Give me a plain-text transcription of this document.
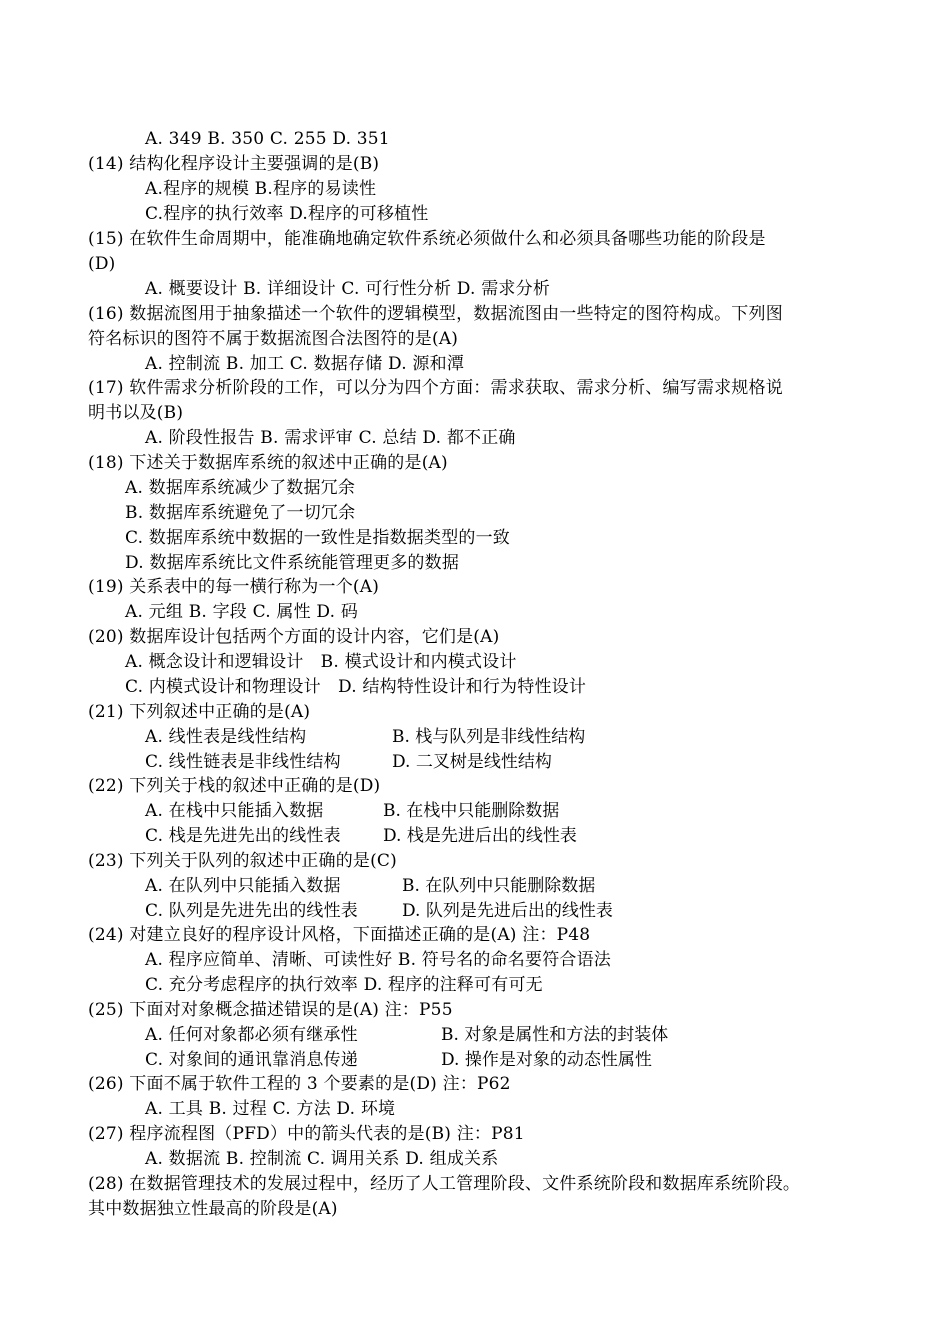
A. 349 B. 350 C. 255 D. 351
(14) 结构化程序设计主要强调的是(B)
A.程序的规模 B.程序的易读性
C.程序的执行效率 D.程序的可移植性
(15) 在软件生命周期中，能准确地确定软件系统必须做什么和必须具备哪些功能的阶段是
(D)
A. 概要设计 B. 详细设计 C. 可行性分析 D. 需求分析
(16) 数据流图用于抽象描述一个软件的逻辑模型，数据流图由一些特定的图符构成。下列图
符名标识的图符不属于数据流图合法图符的是(A)
A. 控制流 B. 加工 C. 数据存储 D. 源和潭
(17) 软件需求分析阶段的工作，可以分为四个方面：需求获取、需求分析、编写需求规格说
明书以及(B)
A. 阶段性报告 B. 需求评审 C. 总结 D. 都不正确
(18) 下述关于数据库系统的叙述中正确的是(A)
A. 数据库系统减少了数据冗余
B. 数据库系统避免了一切冗余
C. 数据库系统中数据的一致性是指数据类型的一致
D. 数据库系统比文件系统能管理更多的数据
(19) 关系表中的每一横行称为一个(A)
A. 元组 B. 字段 C. 属性 D. 码
(20) 数据库设计包括两个方面的设计内容，它们是(A)
A. 概念设计和逻辑设计　B. 模式设计和内模式设计
C. 内模式设计和物理设计　D. 结构特性设计和行为特性设计
(21) 下列叙述中正确的是(A)
A. 线性表是线性结构	B. 栈与队列是非线性结构
C. 线性链表是非线性结构	D. 二叉树是线性结构
(22) 下列关于栈的叙述中正确的是(D)
A. 在栈中只能插入数据	B. 在栈中只能删除数据
C. 栈是先进先出的线性表 D. 栈是先进后出的线性表
(23) 下列关于队列的叙述中正确的是(C)
A. 在队列中只能插入数据	B. 在队列中只能删除数据
C. 队列是先进先出的线性表	D. 队列是先进后出的线性表
(24) 对建立良好的程序设计风格，下面描述正确的是(A) 注：P48
A. 程序应简单、清晰、可读性好 B. 符号名的命名要符合语法
C. 充分考虑程序的执行效率 D. 程序的注释可有可无
(25) 下面对对象概念描述错误的是(A) 注：P55
A. 任何对象都必须有继承性	B. 对象是属性和方法的封装体
C. 对象间的通讯靠消息传递	D. 操作是对象的动态性属性
(26) 下面不属于软件工程的 3 个要素的是(D) 注：P62
A. 工具 B. 过程 C. 方法 D. 环境
(27) 程序流程图（PFD）中的箭头代表的是(B) 注：P81
A. 数据流 B. 控制流 C. 调用关系 D. 组成关系
(28) 在数据管理技术的发展过程中，经历了人工管理阶段、文件系统阶段和数据库系统阶段。
其中数据独立性最高的阶段是(A)
